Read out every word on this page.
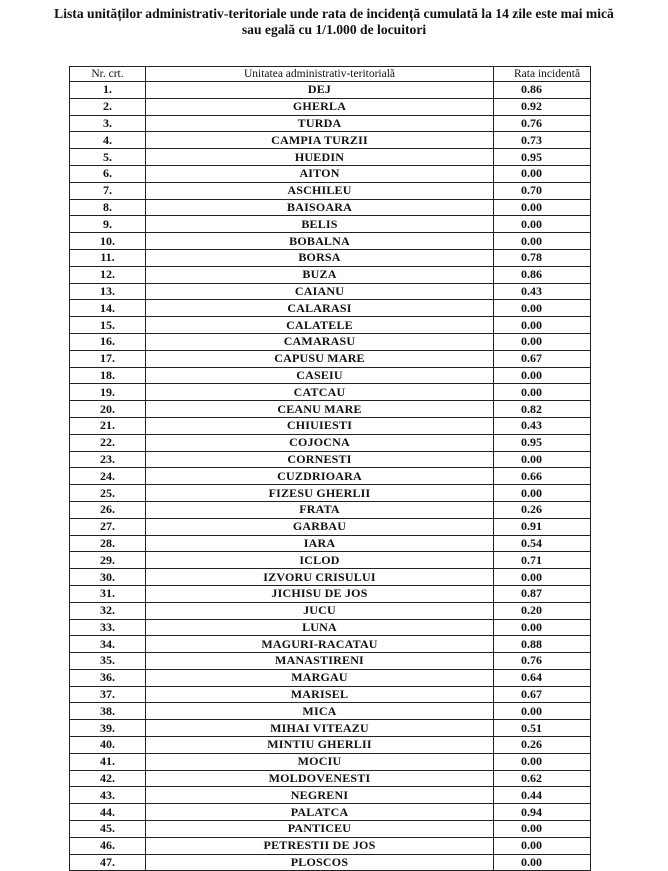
Lista unităților administrativ-teritoriale unde rata de incidență cumulată la 14 zile este mai mică
sau egală cu 1/1.000 de locuitori
Nr. crt.	Unitatea administrativ-teritorială	Rata incidentă
1.	DEJ	0.86
2.	GHERLA	0.92
3.	TURDA	0.76
4.	CAMPIA TURZII	0.73
5.	HUEDIN	0.95
6.	AITON	0.00
7.	ASCHILEU	0.70
8.	BAISOARA	0.00
9.	BELIS	0.00
10.	BOBALNA	0.00
11.	BORSA	0.78
12.	BUZA	0.86
13.	CAIANU	0.43
14.	CALARASI	0.00
15.	CALATELE	0.00
16.	CAMARASU	0.00
17.	CAPUSU MARE	0.67
18.	CASEIU	0.00
19.	CATCAU	0.00
20.	CEANU MARE	0.82
21.	CHIUIESTI	0.43
22.	COJOCNA	0.95
23.	CORNESTI	0.00
24.	CUZDRIOARA	0.66
25.	FIZESU GHERLII	0.00
26.	FRATA	0.26
27.	GARBAU	0.91
28.	IARA	0.54
29.	ICLOD	0.71
30.	IZVORU CRISULUI	0.00
31.	JICHISU DE JOS	0.87
32.	JUCU	0.20
33.	LUNA	0.00
34.	MAGURI-RACATAU	0.88
35.	MANASTIRENI	0.76
36.	MARGAU	0.64
37.	MARISEL	0.67
38.	MICA	0.00
39.	MIHAI VITEAZU	0.51
40.	MINTIU GHERLII	0.26
41.	MOCIU	0.00
42.	MOLDOVENESTI	0.62
43.	NEGRENI	0.44
44.	PALATCA	0.94
45.	PANTICEU	0.00
46.	PETRESTII DE JOS	0.00
47.	PLOSCOS	0.00
